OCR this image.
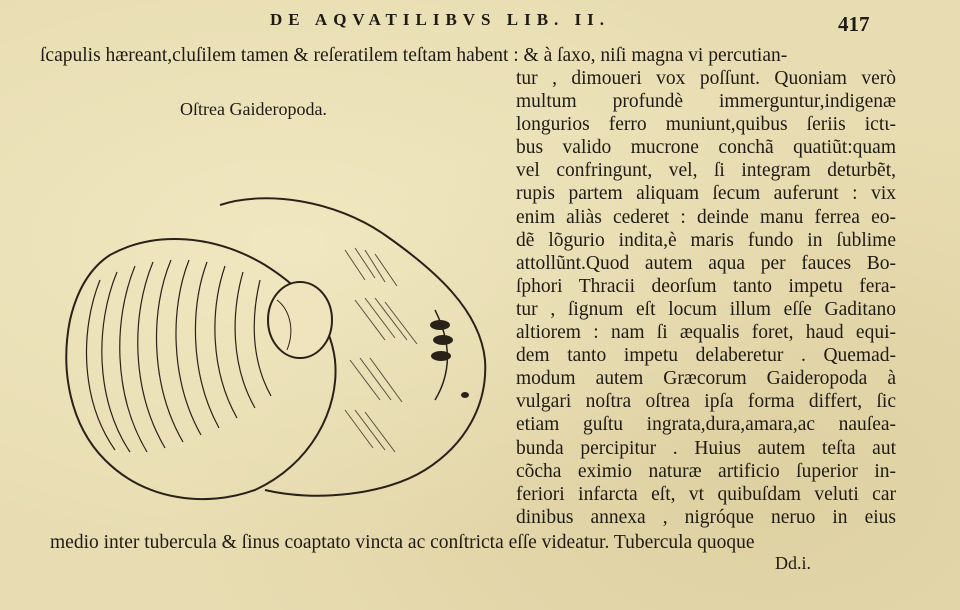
DE AQVATILIBVS LIB. II.	417
ſcapulis hæreant,cluſilem tamen & reſeratilem teſtam habent : & à ſaxo, niſi magna vi percutian-
Oſtrea Gaideropoda.
tur , dimoueri vox poſſunt. Quoniam verò
multum profundè immerguntur,indigenæ
longurios ferro muniunt,quibus ſeriis ictι-
bus valido mucrone conchã quatiũt:quam
vel confringunt, vel, ſi integram deturbẽt,
rupis partem aliquam ſecum auferunt : vix
enim aliàs cederet : deinde manu ferrea eo-
dẽ lõgurio indita,è maris fundo in ſublime
attollũnt.Quod autem aqua per fauces Bo-
ſphori Thracii deorſum tanto impetu fera-
tur , ſignum eſt locum illum eſſe Gaditano
altiorem : nam ſi æqualis foret, haud equi-
dem tanto impetu delaberetur . Quemad-
modum autem Græcorum Gaideropoda à
vulgari noſtra oſtrea ipſa forma differt, ſic
etiam guſtu ingrata,dura,amara,ac nauſea-
bunda percipitur . Huius autem teſta aut
cõcha eximio naturæ artificio ſuperior in-
feriori infarcta eſt, vt quibuſdam veluti car
dinibus annexa , nigróque neruo in eius
medio inter tubercula & ſinus coaptato vincta ac conſtricta eſſe videatur. Tubercula quoque
Dd.i.
